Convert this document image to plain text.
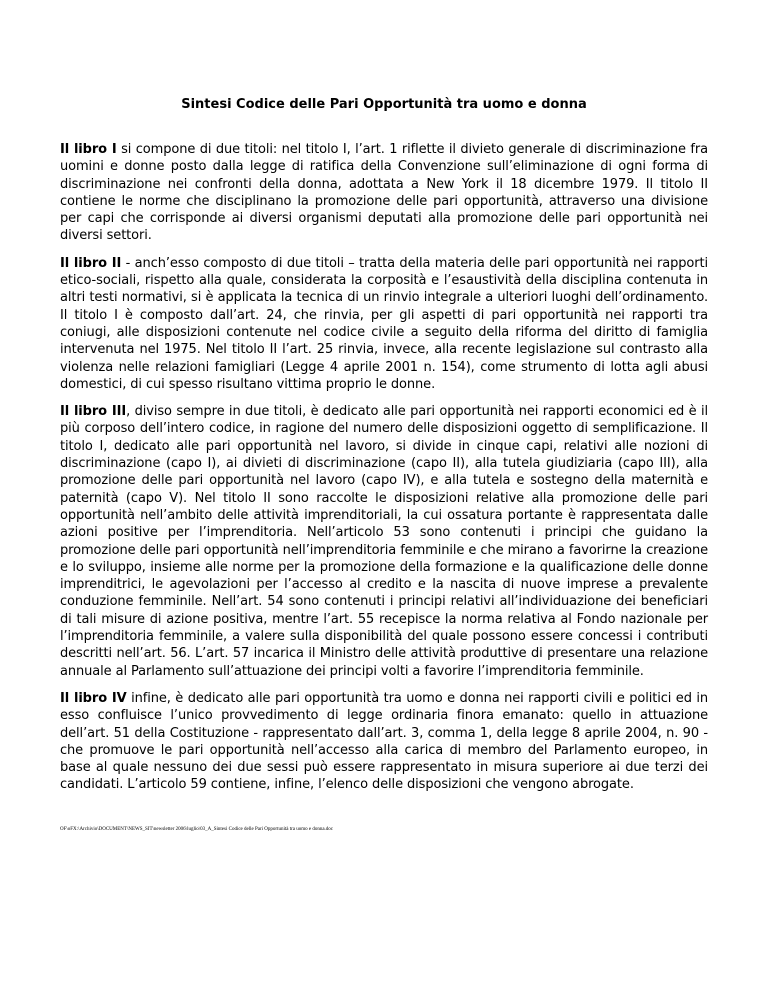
Sintesi Codice delle Pari Opportunità tra uomo e donna

Il libro I si compone di due titoli: nel titolo I, l’art. 1 riflette il divieto generale di discriminazione fra uomini e donne posto dalla legge di ratifica della Convenzione sull’eliminazione di ogni forma di discriminazione nei confronti della donna, adottata a New York il 18 dicembre 1979. Il titolo II contiene le norme che disciplinano la promozione delle pari opportunità, attraverso una divisione per capi che corrisponde ai diversi organismi deputati alla promozione delle pari opportunità nei diversi settori.

Il libro II - anch’esso composto di due titoli – tratta della materia delle pari opportunità nei rapporti etico-sociali, rispetto alla quale, considerata la corposità e l’esaustività della disciplina contenuta in altri testi normativi, si è applicata la tecnica di un rinvio integrale a ulteriori luoghi dell’ordinamento. Il titolo I è composto dall’art. 24, che rinvia, per gli aspetti di pari opportunità nei rapporti tra coniugi, alle disposizioni contenute nel codice civile a seguito della riforma del diritto di famiglia intervenuta nel 1975. Nel titolo II l’art. 25 rinvia, invece, alla recente legislazione sul contrasto alla violenza nelle relazioni famigliari (Legge 4 aprile 2001 n. 154), come strumento di lotta agli abusi domestici, di cui spesso risultano vittima proprio le donne.

Il libro III, diviso sempre in due titoli, è dedicato alle pari opportunità nei rapporti economici ed è il più corposo dell’intero codice, in ragione del numero delle disposizioni oggetto di semplificazione. Il titolo I, dedicato alle pari opportunità nel lavoro, si divide in cinque capi, relativi alle nozioni di discriminazione (capo I), ai divieti di discriminazione (capo II), alla tutela giudiziaria (capo III), alla promozione delle pari opportunità nel lavoro (capo IV), e alla tutela e sostegno della maternità e paternità (capo V). Nel titolo II sono raccolte le disposizioni relative alla promozione delle pari opportunità nell’ambito delle attività imprenditoriali, la cui ossatura portante è rappresentata dalle azioni positive per l’imprenditoria. Nell’articolo 53 sono contenuti i principi che guidano la promozione delle pari opportunità nell’imprenditoria femminile e che mirano a favorirne la creazione e lo sviluppo, insieme alle norme per la promozione della formazione e la qualificazione delle donne imprenditrici, le agevolazioni per l’accesso al credito e la nascita di nuove imprese a prevalente conduzione femminile. Nell’art. 54 sono contenuti i principi relativi all’individuazione dei beneficiari di tali misure di azione positiva, mentre l’art. 55 recepisce la norma relativa al Fondo nazionale per l’imprenditoria femminile, a valere sulla disponibilità del quale possono essere concessi i contributi descritti nell’art. 56. L’art. 57 incarica il Ministro delle attività produttive di presentare una relazione annuale al Parlamento sull’attuazione dei principi volti a favorire l’imprenditoria femminile.

Il libro IV infine, è dedicato alle pari opportunità tra uomo e donna nei rapporti civili e politici ed in esso confluisce l’unico provvedimento di legge ordinaria finora emanato: quello in attuazione dell’art. 51 della Costituzione - rappresentato dall’art. 3, comma 1, della legge 8 aprile 2004, n. 90 - che promuove le pari opportunità nell’accesso alla carica di membro del Parlamento europeo, in base al quale nessuno dei due sessi può essere rappresentato in misura superiore ai due terzi dei candidati. L’articolo 59 contiene, infine, l’elenco delle disposizioni che vengono abrogate.

OF\oFX:\Archivio\DOCUMENT\NEWS_SIT\newsletter 2006\luglio\03_A_Sintesi Codice delle Pari Opportunità tra uomo e donna.doc
